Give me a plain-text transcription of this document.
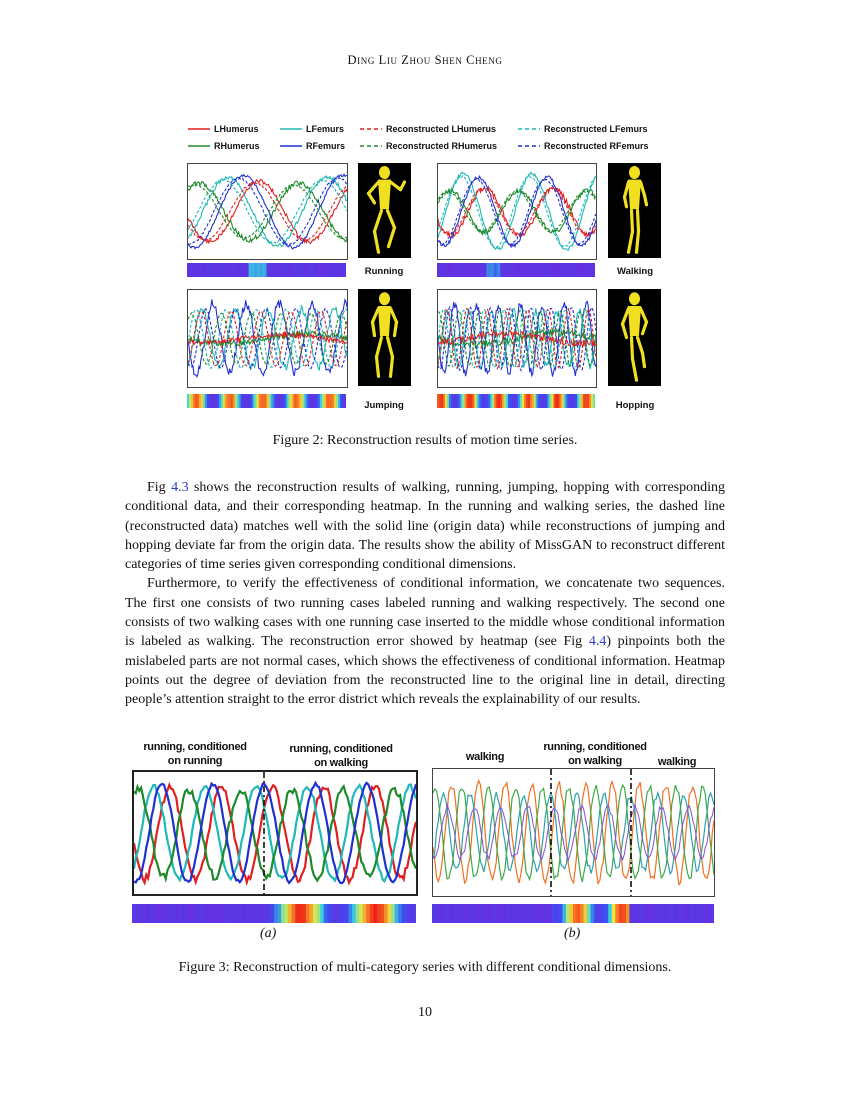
Ding Liu Zhou Shen Cheng
LHumerus	LFemurs	Reconstructed LHumerus	Reconstructed LFemurs
RHumerus	RFemurs	Reconstructed RHumerus	Reconstructed RFemurs
Running	Walking
Jumping	Hopping
Figure 2: Reconstruction results of motion time series.

Fig 4.3 shows the reconstruction results of walking, running, jumping, hopping with corresponding conditional data, and their corresponding heatmap. In the running and walking series, the dashed line (reconstructed data) matches well with the solid line (origin data) while reconstructions of jumping and hopping deviate far from the origin data. The results show the ability of MissGAN to reconstruct different categories of time series given corresponding conditional dimensions.

Furthermore, to verify the effectiveness of conditional information, we concatenate two sequences. The first one consists of two running cases labeled running and walking respectively. The second one consists of two walking cases with one running case inserted to the middle whose conditional information is labeled as walking. The reconstruction error showed by heatmap (see Fig 4.4) pinpoints both the mislabeled parts are not normal cases, which shows the effectiveness of conditional information. Heatmap points out the degree of deviation from the reconstructed line to the original line in detail, directing people’s attention straight to the error district which reveals the explainability of our results.

running, conditioned
on running
running, conditioned
on walking	walking
running, conditioned
on walking	walking
(a)	(b)
Figure 3: Reconstruction of multi-category series with different conditional dimensions.
10
